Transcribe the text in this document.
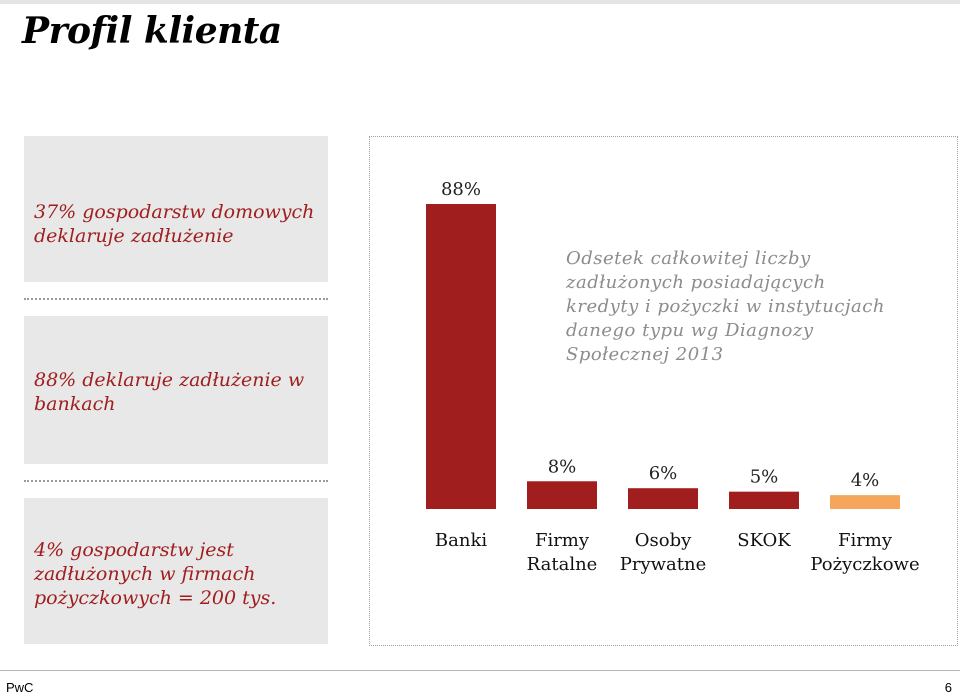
Profil klienta
37% gospodarstw domowych deklaruje zadłużenie
88% deklaruje zadłużenie w bankach
4% gospodarstw jest zadłużonych w firmach pożyczkowych = 200 tys.
88%
Banki
8%
Firmy Ratalne
6%
Osoby Prywatne
5%
SKOK
4%
Firmy Pożyczkowe

Odsetek całkowitej liczby zadłużonych posiadających kredyty i pożyczki w instytucjach danego typu wg Diagnozy Społecznej 2013

PwC	6
